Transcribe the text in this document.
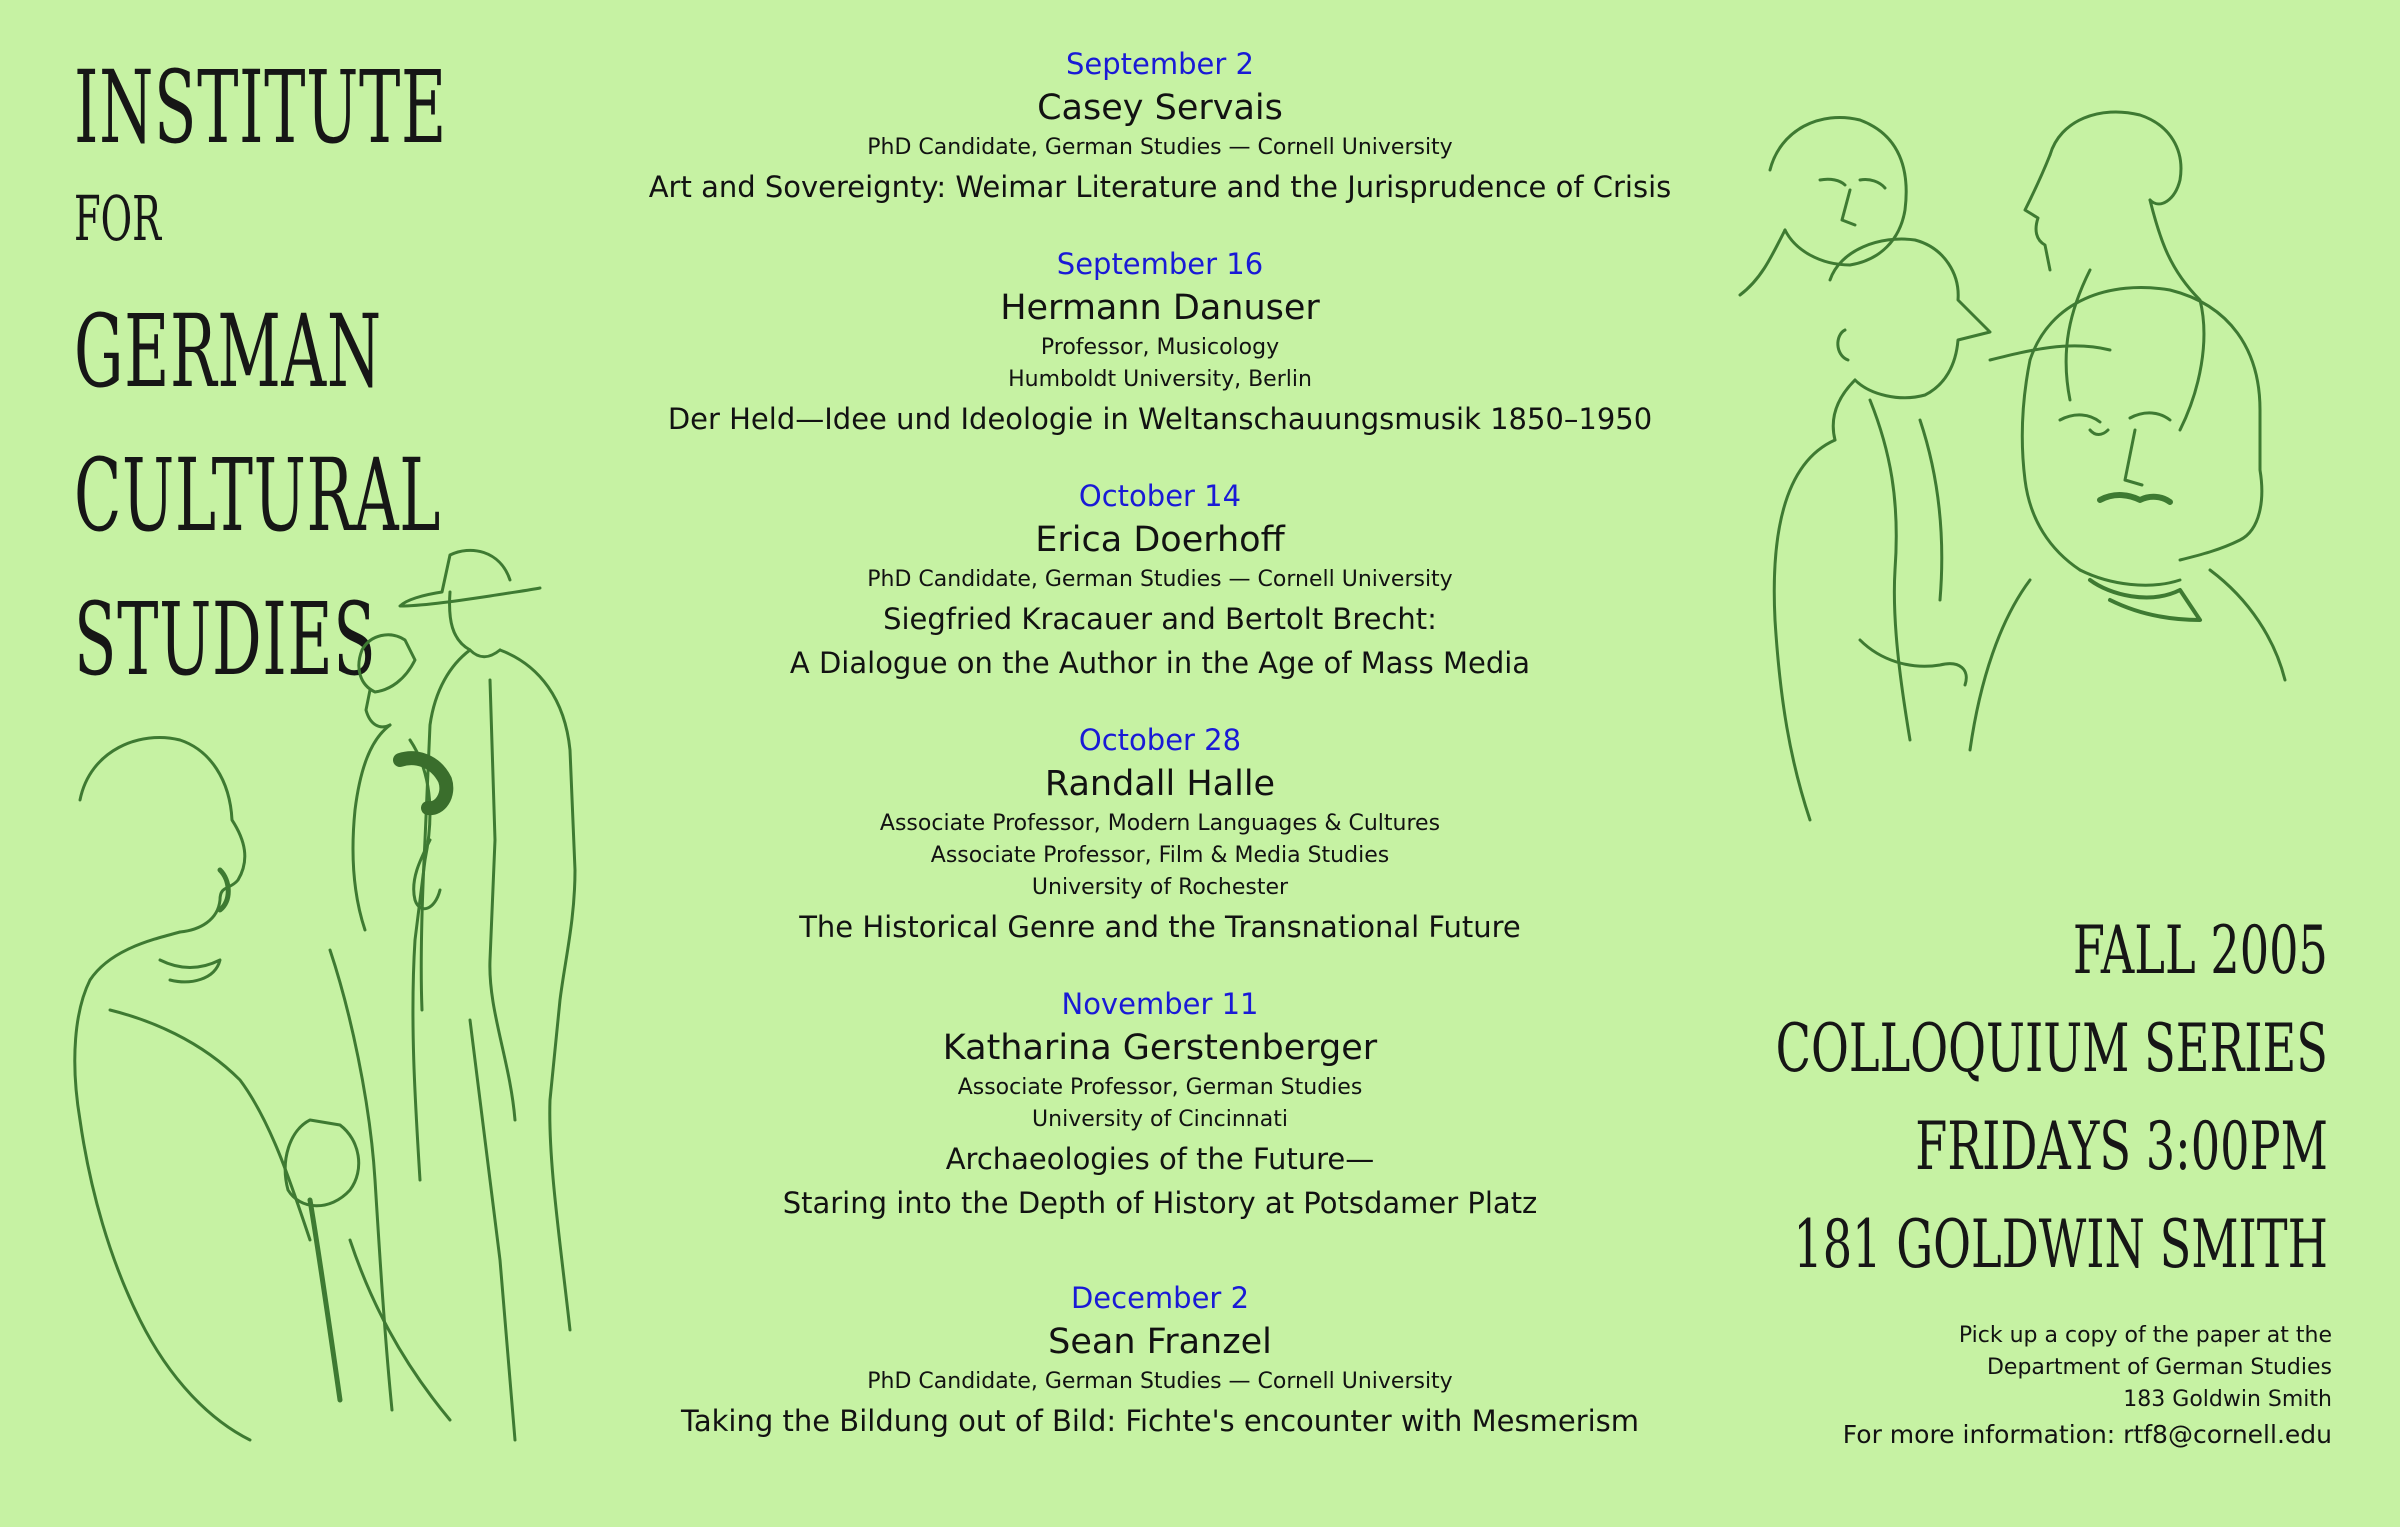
INSTITUTE
FOR
GERMAN
CULTURAL
STUDIES
September 2
Casey Servais
PhD Candidate, German Studies — Cornell University
Art and Sovereignty: Weimar Literature and the Jurisprudence of Crisis
September 16
Hermann Danuser
Professor, Musicology
Humboldt University, Berlin
Der Held—Idee und Ideologie in Weltanschauungsmusik 1850–1950
October 14
Erica Doerhoff
PhD Candidate, German Studies — Cornell University
Siegfried Kracauer and Bertolt Brecht:
A Dialogue on the Author in the Age of Mass Media
October 28
Randall Halle
Associate Professor, Modern Languages & Cultures
Associate Professor, Film & Media Studies
University of Rochester
The Historical Genre and the Transnational Future
November 11
Katharina Gerstenberger
Associate Professor, German Studies
University of Cincinnati
Archaeologies of the Future—
Staring into the Depth of History at Potsdamer Platz
December 2
Sean Franzel
PhD Candidate, German Studies — Cornell University
Taking the Bildung out of Bild: Fichte's encounter with Mesmerism
FALL 2005
COLLOQUIUM SERIES
FRIDAYS 3:00PM
181 GOLDWIN SMITH
Pick up a copy of the paper at the
Department of German Studies
183 Goldwin Smith
For more information: rtf8@cornell.edu
